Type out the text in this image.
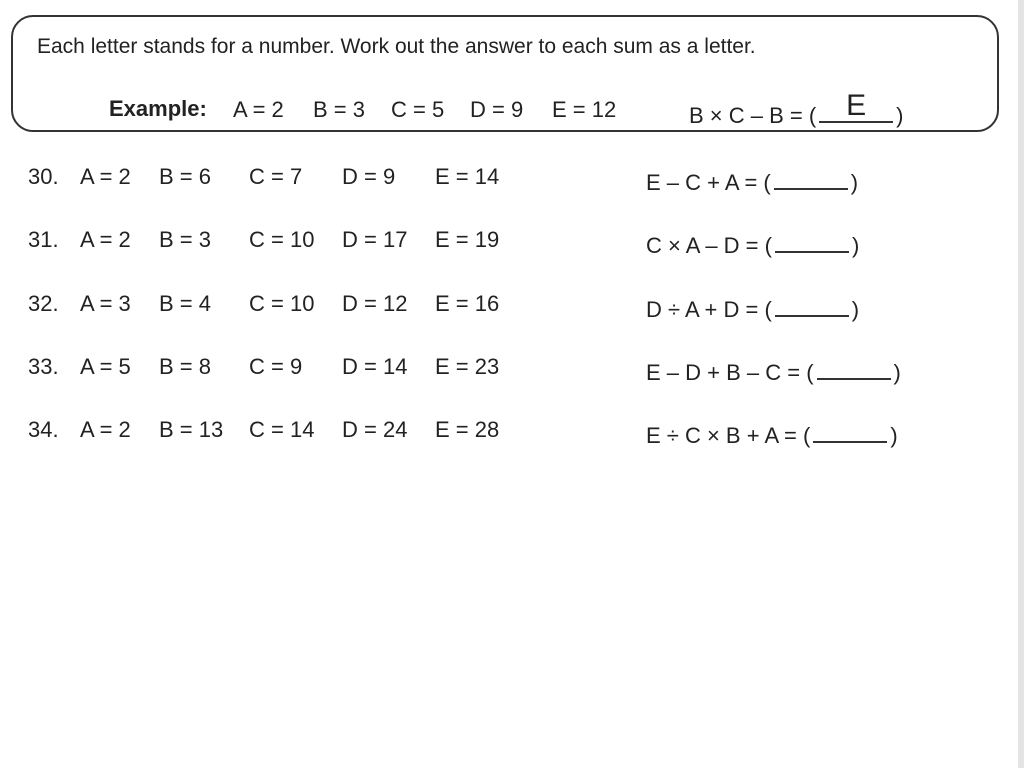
Each letter stands for a number. Work out the answer to each sum as a letter.
Example: A = 2 B = 3 C = 5 D = 9 E = 12	B × C – B = ( E	)
30. A = 2 B = 6 C = 7 D = 9 E = 14	E – C + A = (	)
31. A = 2 B = 3 C = 10 D = 17 E = 19	C × A – D = (	)
32. A = 3 B = 4 C = 10 D = 12 E = 16	D ÷ A + D = (	)
33. A = 5 B = 8 C = 9 D = 14 E = 23	E – D + B – C = (	)
34. A = 2 B = 13 C = 14 D = 24 E = 28	E ÷ C × B + A = (	)
